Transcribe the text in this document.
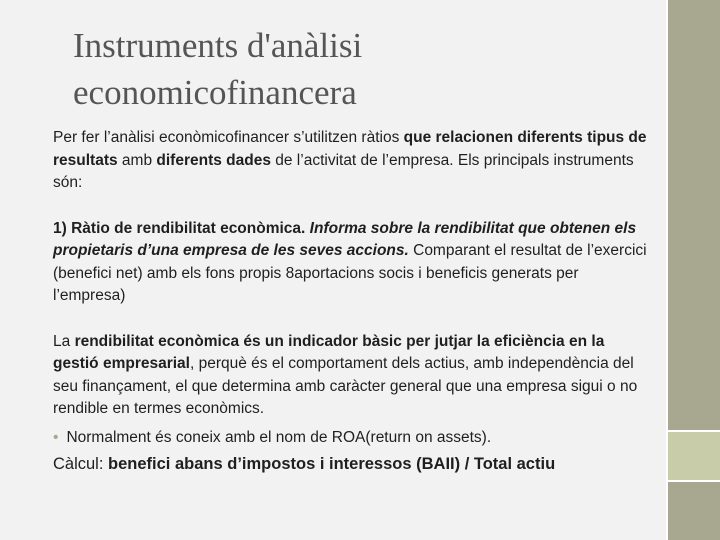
Instruments d'anàlisi
economicofinancera

Per fer l’anàlisi econòmicofinancer s’utilitzen ràtios que relacionen diferents tipus de resultats amb diferents dades de l’activitat de l’empresa. Els principals instruments són:

1) Ràtio de rendibilitat econòmica. Informa sobre la rendibilitat que obtenen els propietaris d’una empresa de les seves accions. Comparant el resultat de l’exercici (benefici net) amb els fons propis 8aportacions socis i beneficis generats per l’empresa)

La rendibilitat econòmica és un indicador bàsic per jutjar la eficiència en la gestió empresarial, perquè és el comportament dels actius, amb independència del seu finançament, el que determina amb caràcter general que una empresa sigui o no rendible en termes econòmics.

• Normalment és coneix amb el nom de ROA(return on assets).

Càlcul: benefici abans d’impostos i interessos (BAII) / Total actiu
